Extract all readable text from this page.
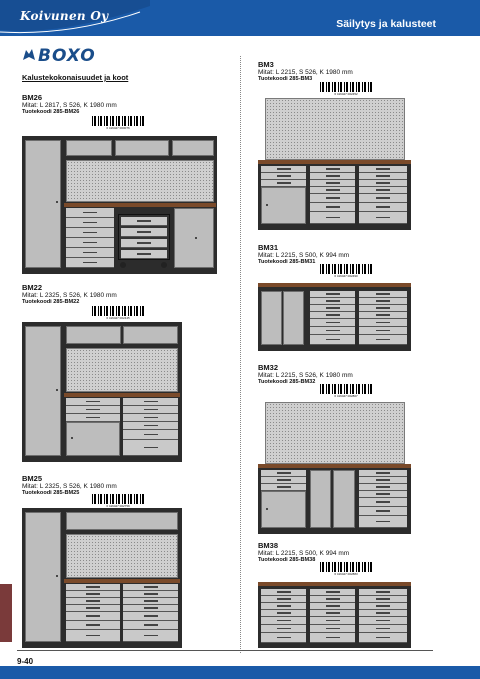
Koivunen Oy
Säilytys ja kalusteet
BOXO
Kalustekokonaisuudet ja koot
BM26
Mitat: L 2817, S 526, K 1980 mm
Tuotekoodi 285-BM26
6 416427 000076
BM22
Mitat: L 2325, S 526, K 1980 mm
Tuotekoodi 285-BM22
6 416427 002445
BM25
Mitat: L 2325, S 526, K 1980 mm
Tuotekoodi 285-BM25
6 416427 002759
BM3
Mitat: L 2215, S 526, K 1980 mm
Tuotekoodi 285-BM3
6 416427 002452
BM31
Mitat: L 2215, S 500, K 994 mm
Tuotekoodi 285-BM31
6 416427 002490
BM32
Mitat: L 2215, S 526, K 1980 mm
Tuotekoodi 285-BM32
6 416427 002807
BM38
Mitat: L 2215, S 500, K 994 mm
Tuotekoodi 285-BM38
6 416427 002883
9-40
